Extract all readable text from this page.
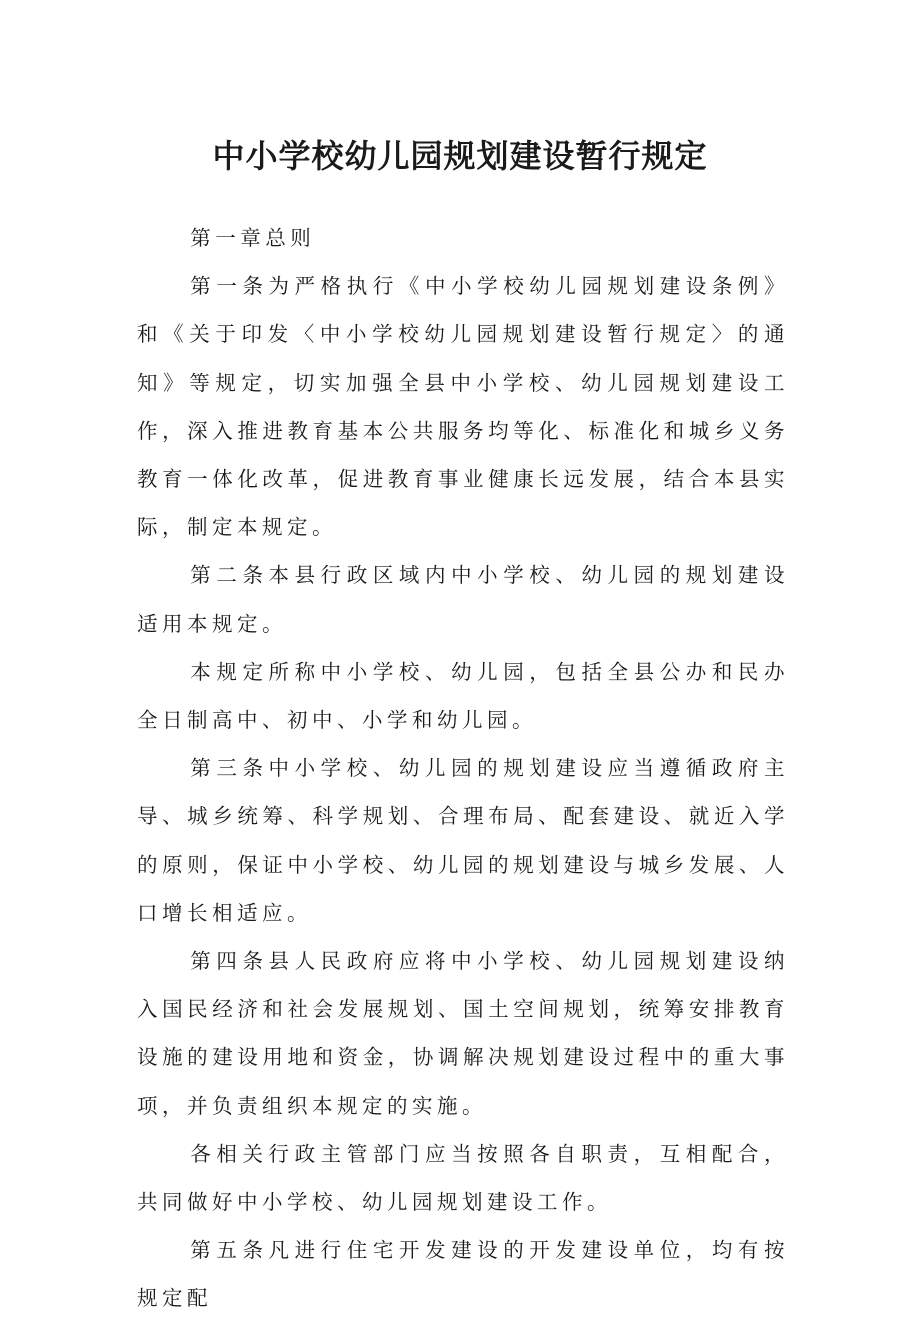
中小学校幼儿园规划建设暂行规定

第一章总则

第一条为严格执行《中小学校幼儿园规划建设条例》和《关于印发〈中小学校幼儿园规划建设暂行规定〉的通知》等规定，切实加强全县中小学校、幼儿园规划建设工作，深入推进教育基本公共服务均等化、标准化和城乡义务教育一体化改革，促进教育事业健康长远发展，结合本县实际，制定本规定。

第二条本县行政区域内中小学校、幼儿园的规划建设适用本规定。

本规定所称中小学校、幼儿园，包括全县公办和民办全日制高中、初中、小学和幼儿园。

第三条中小学校、幼儿园的规划建设应当遵循政府主导、城乡统筹、科学规划、合理布局、配套建设、就近入学的原则，保证中小学校、幼儿园的规划建设与城乡发展、人口增长相适应。

第四条县人民政府应将中小学校、幼儿园规划建设纳入国民经济和社会发展规划、国土空间规划，统筹安排教育设施的建设用地和资金，协调解决规划建设过程中的重大事项，并负责组织本规定的实施。

各相关行政主管部门应当按照各自职责，互相配合，共同做好中小学校、幼儿园规划建设工作。

第五条凡进行住宅开发建设的开发建设单位，均有按规定配
